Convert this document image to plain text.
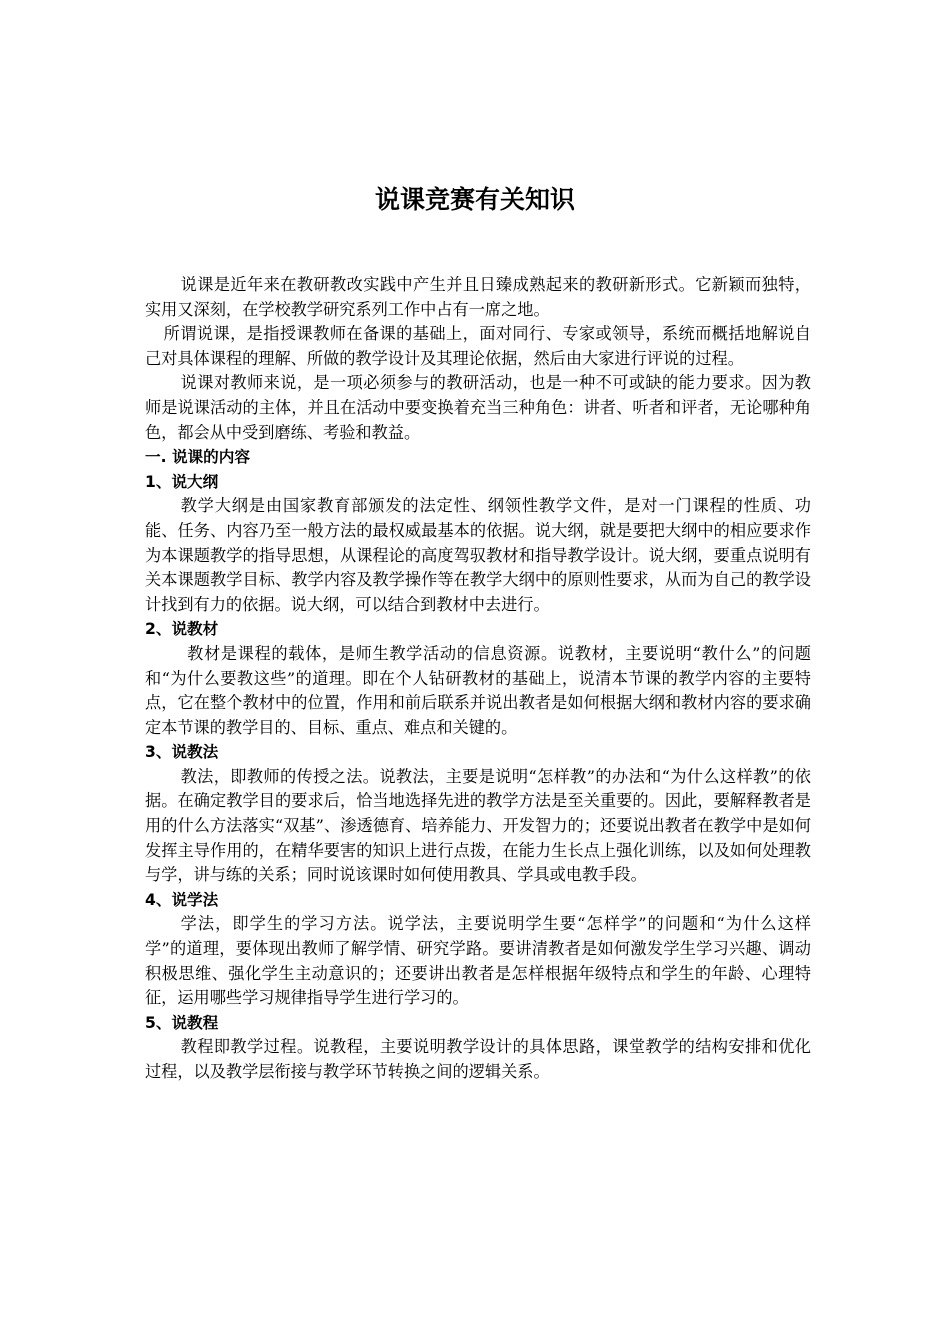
说课竞赛有关知识

说课是近年来在教研教改实践中产生并且日臻成熟起来的教研新形式。它新颖而独特，实用又深刻，在学校教学研究系列工作中占有一席之地。

所谓说课，是指授课教师在备课的基础上，面对同行、专家或领导，系统而概括地解说自己对具体课程的理解、所做的教学设计及其理论依据，然后由大家进行评说的过程。

说课对教师来说，是一项必须参与的教研活动，也是一种不可或缺的能力要求。因为教师是说课活动的主体，并且在活动中要变换着充当三种角色：讲者、听者和评者，无论哪种角色，都会从中受到磨练、考验和教益。

一. 说课的内容
1、说大纲

教学大纲是由国家教育部颁发的法定性、纲领性教学文件，是对一门课程的性质、功能、任务、内容乃至一般方法的最权威最基本的依据。说大纲，就是要把大纲中的相应要求作为本课题教学的指导思想，从课程论的高度驾驭教材和指导教学设计。说大纲，要重点说明有关本课题教学目标、教学内容及教学操作等在教学大纲中的原则性要求，从而为自己的教学设计找到有力的依据。说大纲，可以结合到教材中去进行。

2、说教材

教材是课程的载体，是师生教学活动的信息资源。说教材，主要说明“教什么”的问题和“为什么要教这些”的道理。即在个人钻研教材的基础上，说清本节课的教学内容的主要特点，它在整个教材中的位置，作用和前后联系并说出教者是如何根据大纲和教材内容的要求确定本节课的教学目的、目标、重点、难点和关键的。

3、说教法

教法，即教师的传授之法。说教法，主要是说明“怎样教”的办法和“为什么这样教”的依据。在确定教学目的要求后，恰当地选择先进的教学方法是至关重要的。因此，要解释教者是用的什么方法落实“双基”、渗透德育、培养能力、开发智力的；还要说出教者在教学中是如何发挥主导作用的，在精华要害的知识上进行点拨，在能力生长点上强化训练，以及如何处理教与学，讲与练的关系；同时说该课时如何使用教具、学具或电教手段。

4、说学法

学法，即学生的学习方法。说学法，主要说明学生要“怎样学”的问题和“为什么这样学”的道理，要体现出教师了解学情、研究学路。要讲清教者是如何激发学生学习兴趣、调动积极思维、强化学生主动意识的；还要讲出教者是怎样根据年级特点和学生的年龄、心理特征，运用哪些学习规律指导学生进行学习的。

5、说教程

教程即教学过程。说教程，主要说明教学设计的具体思路，课堂教学的结构安排和优化过程，以及教学层衔接与教学环节转换之间的逻辑关系。
